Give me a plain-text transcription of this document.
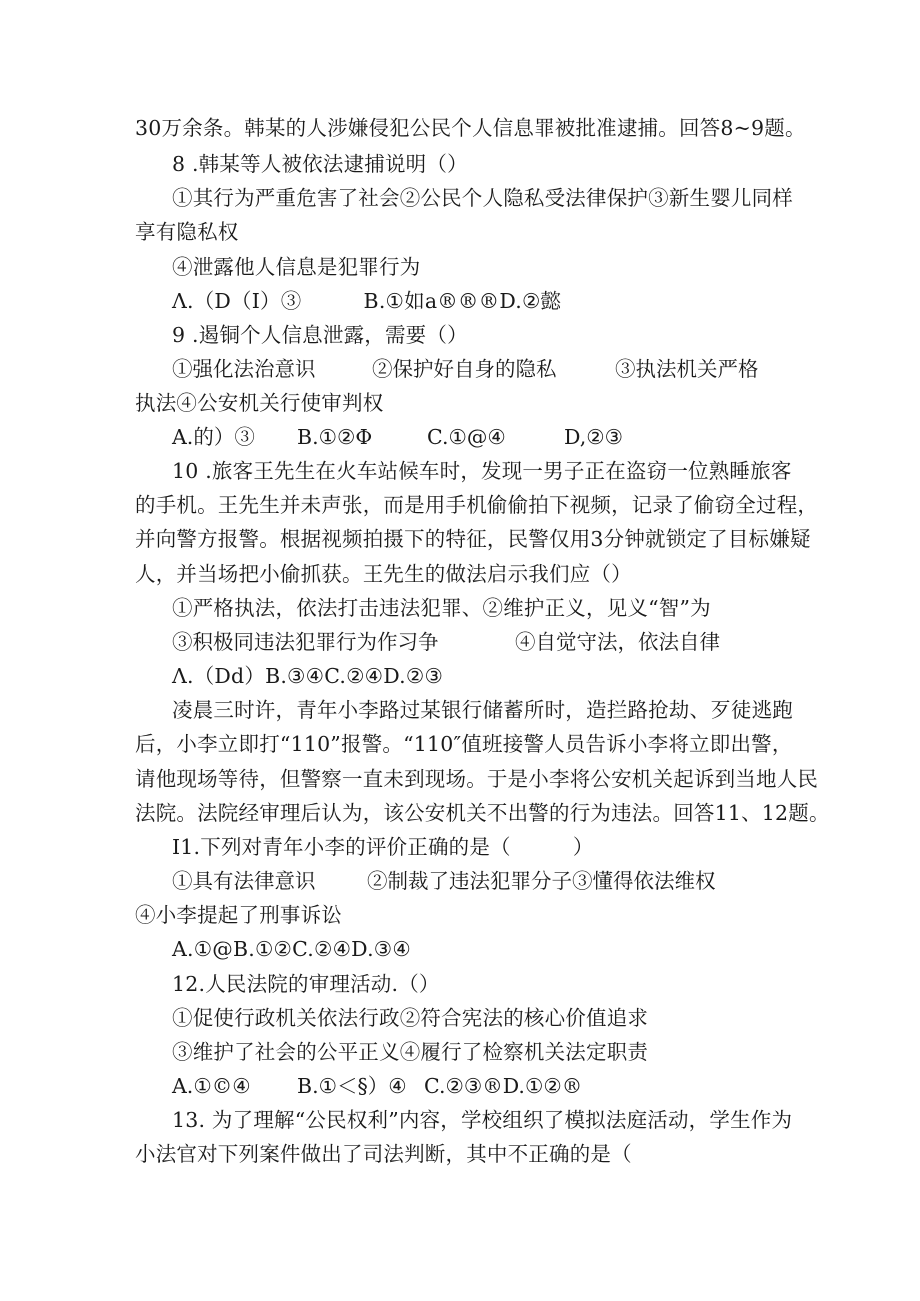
30万余条。韩某的人涉嫌侵犯公民个人信息罪被批准逮捕。回答8~9题。
8 .韩某等人被依法逮捕说明（）
①其行为严重危害了社会②公民个人隐私受法律保护③新生婴儿同样
享有隐私权
④泄露他人信息是犯罪行为
Λ.（D（I）③　　　B.①如a®®®D.②懿
9 .遏铜个人信息泄露，需要（）

①强化法治意识

	②保护好自身的隐私

	③执法机关严格

执法④公安机关行使审判权

A.的）③

B.①②Φ

	C.①@④

	D,②③

10 .旅客王先生在火车站候车时，发现一男子正在盗窃一位熟睡旅客
的手机。王先生并未声张，而是用手机偷偷拍下视频，记录了偷窃全过程，
并向警方报警。根据视频拍摄下的特征，民警仅用3分钟就锁定了目标嫌疑
人，并当场把小偷抓获。王先生的做法启示我们应（）
①严格执法，依法打击违法犯罪、②维护正义，见义“智”为

③积极同违法犯罪行为作习争

	④自觉守法，依法自律

Λ.（Dd）B.③④C.②④D.②③
凌晨三时许，青年小李路过某银行储蓄所时，造拦路抢劫、歹徒逃跑
后，小李立即打“110”报警。“110″值班接警人员告诉小李将立即出警，
请他现场等待，但警察一直未到现场。于是小李将公安机关起诉到当地人民
法院。法院经审理后认为，该公安机关不出警的行为违法。回答11、12题。
I1.下列对青年小李的评价正确的是（　　　）

①具有法律意识

	②制裁了违法犯罪分子③懂得依法维权

④小李提起了刑事诉讼
A.①@B.①②C.②④D.③④
12.人民法院的审理活动.（）
①促使行政机关依法行政②符合宪法的核心价值追求
③维护了社会的公平正义④履行了检察机关法定职责

A.①©④

B.①＜§）④

C.②③®D.①②®

13. 为了理解“公民权利”内容，学校组织了模拟法庭活动，学生作为
小法官对下列案件做出了司法判断，其中不正确的是（
